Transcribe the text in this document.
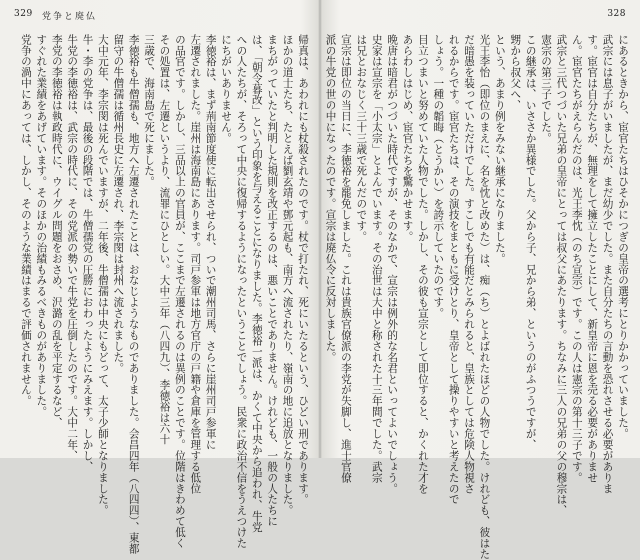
329 党争と廃仏	328
帰真は、あわれにも杖殺されたのです。杖で打たれ、死にいたるという、ひどい刑であります。
ほかの道士たち、たとえば劉玄靖や鄧元起も、南方へ流されたり、嶺南の地に追放となりました。
まちがっていたと判明した規則を改正するのは、悪いことでありません。けれども、一般の人たちに
は、「朝令暮改」という印象を与えることになりました。李徳裕一派は、かくて中央から追われ、牛党
への人たちが、そろって中央に復帰するようになったということでしょう。民衆に政治不信をうえつけた
にちがいありません。
李徳裕は、まず荊南節度使に転出させられ、ついで潮州司馬、さらに崖州司戸参軍に
左遷されました。崖州は海南島にあります。司戸参軍は地方官庁の戸籍や倉庫を管理する低位
の品官です。しかし、三品以上の官員が、ここまで左遷されるのは異例のことです。位階はきわめて低く
その処置は、左遷というより、流罪にひとしい。大中三年（八四九）、李徳裕は六十
三歳で、海南島で死にました。
李徳裕も牛僧孺も、地方へ左遷されたことは、おなじようなものでありました。会昌四年（八四四）、東都
留守の牛僧孺は循州長史に左遷され、李宗閔は封州へ流されました。
大中元年、李宗閔は死んでいますが、二年後、牛僧孺は中央にもどって、太子少師となりました。
牛・李の党争は、最後の段階では、牛僧孺党の圧勝におわったようにみえます。しかし、
牛党の李徳裕は、武宗の時代に、その党派の勢いで牛党を圧倒したのです。大中二年、
李党の李徳裕は執政時代に、ウイグル問題をおさめ、沢潞の乱を平定するなど、
すぐれた業績をあげています。そのほかの治績もみるべきものがありました。
党争の渦中にあっては、しかし、そのような業績はまるで評価されません。	にあるときから、宦官たちはひそかにつぎの皇帝の選考にとりかかっていました。
武宗には息子がいましたが、まだ幼少でした。また自分たちの言動を恐れさせる必要がありま
す。宦官は自分たちが、無理をして擁立したことにして、新皇帝に恩を売る必要がありませ
ん。宦官たちがえらんだのは、光王李忱（のち宣宗）です。この人は憲宗の第十三子です。
武宗と三代つづいた兄弟の皇帝にとっては叔父にあたります。ちなみに三人の兄弟の父の穆宗は、
憲宗の第三子でした。
この継承は、いささか異様でした。父から子、兄から弟、というのがふつうですが、
甥から叔父へ、
という、あまり例をみない継承になりました。
光王李怡（即位のまえに、名を忱と改めた）は、痴（ち）とよばれたほどの人物でした。けれども、彼はた
だ暗愚を装っていただけでした。すこしでも有能だとみられると、皇族としては危険人物視さ
れるからです。宦官たちは、その演技をまともに受けとり、皇帝として操りやすいと考えたので
しょう。一種の韜晦（とうかい）を誇示していたのです。
目立つまいと努めていた人物でした。しかし、その彼も宣宗として即位すると、かくれた才を
あらわしはじめ、宦官たちを驚かせます。
晩唐は暗君がつづいた時代ですが、そのなかで、宣宗は例外的な名君といってよいでしょう。
史家は宣宗を「小太宗」とよんでいます。その治世は大中と称された十三年間でした。武宗
は兄とおなじく三十三歳で死んだのです。
宣宗は即位の当日に、李徳裕を罷免しました。これは貴族官僚派の李党が失脚し、進士官僚
派の牛党の世の中になったのです。宣宗は廃仏令に反対しました。
